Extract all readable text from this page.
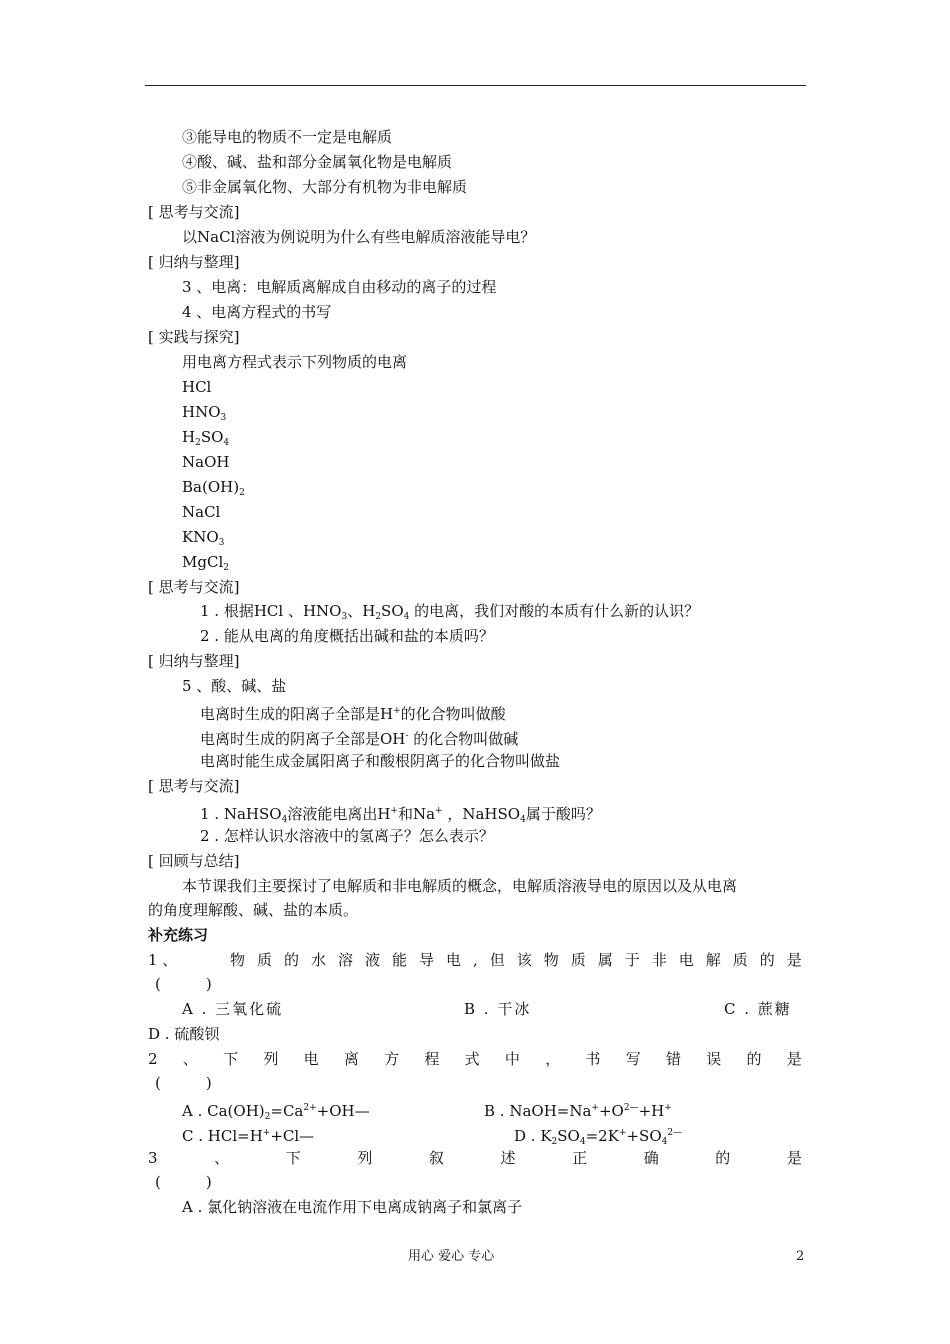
③能导电的物质不一定是电解质
④酸、碱、盐和部分金属氧化物是电解质
⑤非金属氧化物、大部分有机物为非电解质
[ 思考与交流]
以NaCl溶液为例说明为什么有些电解质溶液能导电？
[ 归纳与整理]
3 、电离：电解质离解成自由移动的离子的过程
4 、电离方程式的书写
[ 实践与探究]
用电离方程式表示下列物质的电离
HCl
$HNO_3$
$H_2SO_4$
NaOH
$Ba(OH)_2$
NaCl
$KNO_3$
MgCl$_2$
[ 思考与交流]
1 . 根据HCl 、$HNO_3$、$H_2SO_4$ 的电离，我们对酸的本质有什么新的认识？
2 . 能从电离的角度概括出碱和盐的本质吗？
[ 归纳与整理]
5 、酸、碱、盐
电离时生成的阳离子全部是H+的化合物叫做酸
电离时生成的阴离子全部是OH- 的化合物叫做碱
电离时能生成金属阳离子和酸根阴离子的化合物叫做盐
[ 思考与交流]
1 . NaHSO$_4$溶液能电离出H+和Na+ ，NaHSO$_4$属于酸吗？
2 . 怎样认识水溶液中的氢离子？怎么表示？
[ 回顾与总结]
本节课我们主要探讨了电解质和非电解质的概念，电解质溶液导电的原因以及从电离
的角度理解酸、碱、盐的本质。
补充练习
1 、	物 质 的 水 溶 液 能 导 电 , 但 该 物 质 属 于 非 电 解 质 的 是
(　　　)
A . 三氧化硫	B . 干冰	C . 蔗糖
D . 硫酸钡
2 、 下 列 电 离 方 程 式 中 ， 书 写 错 误 的 是
(　　　)
A . $Ca(OH)_2=Ca^{2+}+OH—$	B . $NaOH=Na^++O^{2—}+H^+$
C . HCl=H++Cl—	D . $K_2SO_4=2K^++SO_4^{2—}$
3	、	下	列	叙	述	正	确	的	是
(　　　)
A . 氯化钠溶液在电流作用下电离成钠离子和氯离子
用心 爱心 专心	2
